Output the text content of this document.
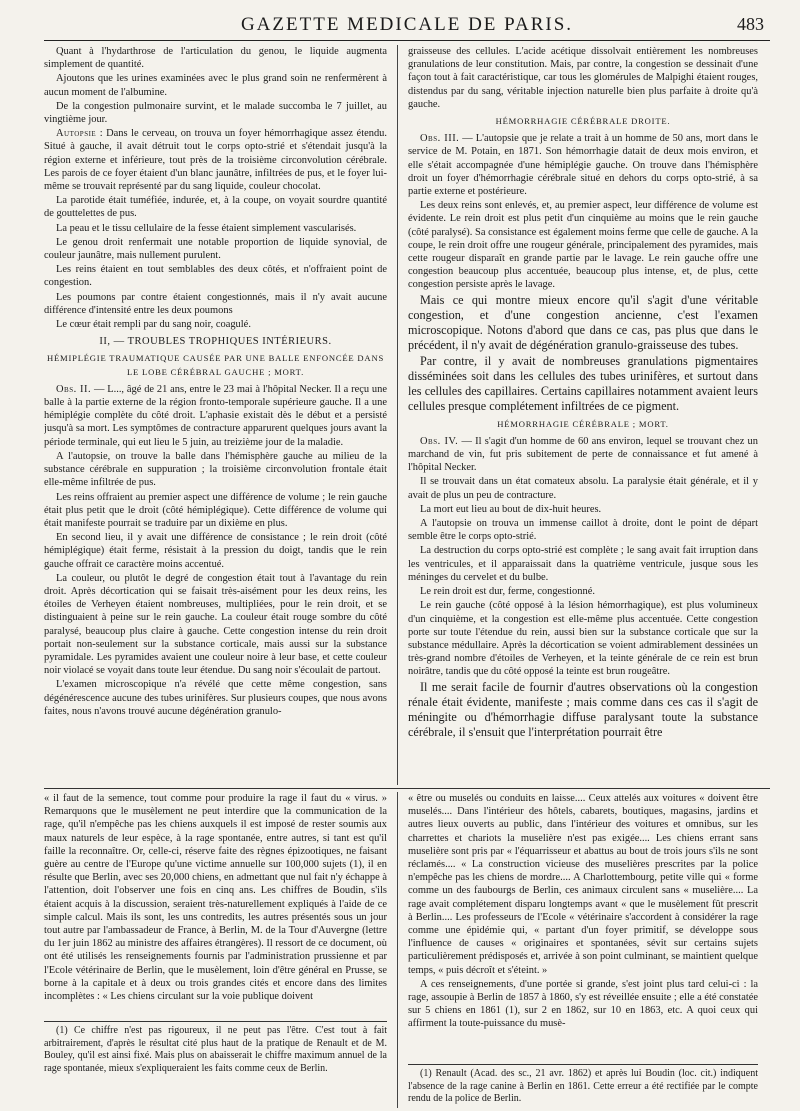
GAZETTE MEDICALE DE PARIS.	483

Quant à l'hydarthrose de l'articulation du genou, le liquide augmenta simplement de quantité.

Ajoutons que les urines examinées avec le plus grand soin ne renfermèrent à aucun moment de l'albumine.

De la congestion pulmonaire survint, et le malade succomba le 7 juillet, au vingtième jour.

Autopsie : Dans le cerveau, on trouva un foyer hémorrhagique assez étendu. Situé à gauche, il avait détruit tout le corps opto-strié et s'étendait jusqu'à la région externe et inférieure, tout près de la troisième circonvolution cérébrale. Les parois de ce foyer étaient d'un blanc jaunâtre, infiltrées de pus, et le foyer lui-même se trouvait représenté par du sang liquide, couleur chocolat.

La parotide était tuméfiée, indurée, et, à la coupe, on voyait sourdre quantité de gouttelettes de pus.

La peau et le tissu cellulaire de la fesse étaient simplement vascularisés.

Le genou droit renfermait une notable proportion de liquide synovial, de couleur jaunâtre, mais nullement purulent.

Les reins étaient en tout semblables des deux côtés, et n'offraient point de congestion.

Les poumons par contre étaient congestionnés, mais il n'y avait aucune différence d'intensité entre les deux poumons

Le cœur était rempli par du sang noir, coagulé.

II, — TROUBLES TROPHIQUES INTÉRIEURS.
HÉMIPLÉGIE TRAUMATIQUE CAUSÉE PAR UNE BALLE ENFONCÉE DANS LE LOBE CÉRÉBRAL GAUCHE ; MORT.

Obs. II. — L..., âgé de 21 ans, entre le 23 mai à l'hôpital Necker. Il a reçu une balle à la partie externe de la région fronto-temporale supérieure gauche. Il a une hémiplégie complète du côté droit. L'aphasie existait dès le début et a persisté jusqu'à sa mort. Les symptômes de contracture apparurent quelques jours avant la période terminale, qui eut lieu le 5 juin, au treizième jour de la maladie.

A l'autopsie, on trouve la balle dans l'hémisphère gauche au milieu de la substance cérébrale en suppuration ; la troisième circonvolution frontale était elle-même infiltrée de pus.

Les reins offraient au premier aspect une différence de volume ; le rein gauche était plus petit que le droit (côté hémiplégique). Cette différence de volume qui était manifeste pourrait se traduire par un dixième en plus.

En second lieu, il y avait une différence de consistance ; le rein droit (côté hémiplégique) était ferme, résistait à la pression du doigt, tandis que le rein gauche offrait ce caractère moins accentué.

La couleur, ou plutôt le degré de congestion était tout à l'avantage du rein droit. Après décortication qui se faisait très-aisément pour les deux reins, les étoiles de Verheyen étaient nombreuses, multipliées, pour le rein droit, et se distinguaient à peine sur le rein gauche. La couleur était rouge sombre du côté paralysé, beaucoup plus claire à gauche. Cette congestion intense du rein droit portait non-seulement sur la substance corticale, mais aussi sur la substance pyramidale. Les pyramides avaient une couleur noire à leur base, et cette couleur noir violacé se voyait dans toute leur étendue. Du sang noir s'écoulait de partout.

L'examen microscopique n'a révélé que cette même congestion, sans dégénérescence aucune des tubes urinifères. Sur plusieurs coupes, que nous avons faites, nous n'avons trouvé aucune dégénération granulo-

graisseuse des cellules. L'acide acétique dissolvait entièrement les nombreuses granulations de leur constitution. Mais, par contre, la congestion se dessinait d'une façon tout à fait caractéristique, car tous les glomérules de Malpighi étaient rouges, distendus par du sang, véritable injection naturelle bien plus parfaite à droite qu'à gauche.

HÉMORRHAGIE CÉRÉBRALE DROITE.

Obs. III. — L'autopsie que je relate a trait à un homme de 50 ans, mort dans le service de M. Potain, en 1871. Son hémorrhagie datait de deux mois environ, et elle s'était accompagnée d'une hémiplégie gauche. On trouve dans l'hémisphère droit un foyer d'hémorrhagie cérébrale situé en dehors du corps opto-strié, à sa partie externe et postérieure.

Les deux reins sont enlevés, et, au premier aspect, leur différence de volume est évidente. Le rein droit est plus petit d'un cinquième au moins que le rein gauche (côté paralysé). Sa consistance est également moins ferme que celle de gauche. A la coupe, le rein droit offre une rougeur générale, principalement des pyramides, mais cette rougeur disparaît en grande partie par le lavage. Le rein gauche offre une congestion beaucoup plus accentuée, beaucoup plus intense, et, de plus, cette congestion persiste après le lavage.

Mais ce qui montre mieux encore qu'il s'agit d'une véritable congestion, et d'une congestion ancienne, c'est l'examen microscopique. Notons d'abord que dans ce cas, pas plus que dans le précédent, il n'y avait de dégénération granulo-graisseuse des tubes.

Par contre, il y avait de nombreuses granulations pigmentaires disséminées soit dans les cellules des tubes urinifères, et surtout dans les cellules des capillaires. Certains capillaires notamment avaient leurs cellules presque complétement infiltrées de ce pigment.

HÉMORRHAGIE CÉRÉBRALE ; MORT.

Obs. IV. — Il s'agit d'un homme de 60 ans environ, lequel se trouvant chez un marchand de vin, fut pris subitement de perte de connaissance et fut amené à l'hôpital Necker.

Il se trouvait dans un état comateux absolu. La paralysie était générale, et il y avait de plus un peu de contracture.

La mort eut lieu au bout de dix-huit heures.

A l'autopsie on trouva un immense caillot à droite, dont le point de départ semble être le corps opto-strié.

La destruction du corps opto-strié est complète ; le sang avait fait irruption dans les ventricules, et il apparaissait dans la quatrième ventricule, jusque sous les méninges du cervelet et du bulbe.

Le rein droit est dur, ferme, congestionné.

Le rein gauche (côté opposé à la lésion hémorrhagique), est plus volumineux d'un cinquième, et la congestion est elle-même plus accentuée. Cette congestion porte sur toute l'étendue du rein, aussi bien sur la substance corticale que sur la substance médullaire. Après la décortication se voient admirablement dessinées un très-grand nombre d'étoiles de Verheyen, et la teinte générale de ce rein est brun noirâtre, tandis que du côté opposé la teinte est brun rougeâtre.

Il me serait facile de fournir d'autres observations où la congestion rénale était évidente, manifeste ; mais comme dans ces cas il s'agit de méningite ou d'hémorrhagie diffuse paralysant toute la substance cérébrale, il s'ensuit que l'interprétation pourrait être

« il faut de la semence, tout comme pour produire la rage il faut du « virus. » Remarquons que le musèlement ne peut interdire que la communication de la rage, qu'il n'empêche pas les chiens auxquels il est imposé de rester soumis aux maux naturels de leur espèce, à la rage spontanée, entre autres, si tant est qu'il faille la reconnaître. Or, celle-ci, réserve faite des règnes épizootiques, ne faisant guère au centre de l'Europe qu'une victime annuelle sur 100,000 sujets (1), il en résulte que Berlin, avec ses 20,000 chiens, en admettant que nul fait n'y échappe à l'attention, doit l'observer une fois en cinq ans. Les chiffres de Boudin, s'ils étaient acquis à la discussion, seraient très-naturellement expliqués à l'aide de ce simple calcul. Mais ils sont, les uns contredits, les autres présentés sous un jour tout autre par l'ambassadeur de France, à Berlin, M. de la Tour d'Auvergne (lettre du 1er juin 1862 au ministre des affaires étrangères). Il ressort de ce document, où ont été utilisés les renseignements fournis par l'administration prussienne et par l'Ecole vétérinaire de Berlin, que le musèlement, loin d'être général en Prusse, se borne à la capitale et à deux ou trois grandes cités et encore dans des limites incomplètes : « Les chiens circulant sur la voie publique doivent

(1) Ce chiffre n'est pas rigoureux, il ne peut pas l'être. C'est tout à fait arbitrairement, d'après le résultat cité plus haut de la pratique de Renault et de M. Bouley, qu'il est ainsi fixé. Mais plus on abaisserait le chiffre maximum annuel de la rage spontanée, mieux s'expliqueraient les faits comme ceux de Berlin.

« être ou muselés ou conduits en laisse.... Ceux attelés aux voitures « doivent être muselés.... Dans l'intérieur des hôtels, cabarets, boutiques, magasins, jardins et autres lieux ouverts au public, dans l'intérieur des voitures et omnibus, sur les charrettes et chariots la muselière n'est pas exigée.... Les chiens errant sans muselière sont pris par « l'équarrisseur et abattus au bout de trois jours s'ils ne sont réclamés.... « La construction vicieuse des muselières prescrites par la police n'empêche pas les chiens de mordre.... A Charlottembourg, petite ville qui « forme comme un des faubourgs de Berlin, ces animaux circulent sans « muselière.... La rage avait complétement disparu longtemps avant « que le musèlement fût prescrit à Berlin.... Les professeurs de l'Ecole « vétérinaire s'accordent à considérer la rage comme une épidémie qui, « partant d'un foyer primitif, se développe sous l'influence de causes « originaires et spontanées, sévit sur certains sujets particulièrement prédisposés et, arrivée à son point culminant, se maintient quelque temps, « puis décroît et s'éteint. »

A ces renseignements, d'une portée si grande, s'est joint plus tard celui-ci : la rage, assoupie à Berlin de 1857 à 1860, s'y est réveillée ensuite ; elle a été constatée sur 5 chiens en 1861 (1), sur 2 en 1862, sur 10 en 1863, etc. A quoi ceux qui affirment la toute-puissance du musè-

(1) Renault (Acad. des sc., 21 avr. 1862) et après lui Boudin (loc. cit.) indiquent l'absence de la rage canine à Berlin en 1861. Cette erreur a été rectifiée par le compte rendu de la police de Berlin.
